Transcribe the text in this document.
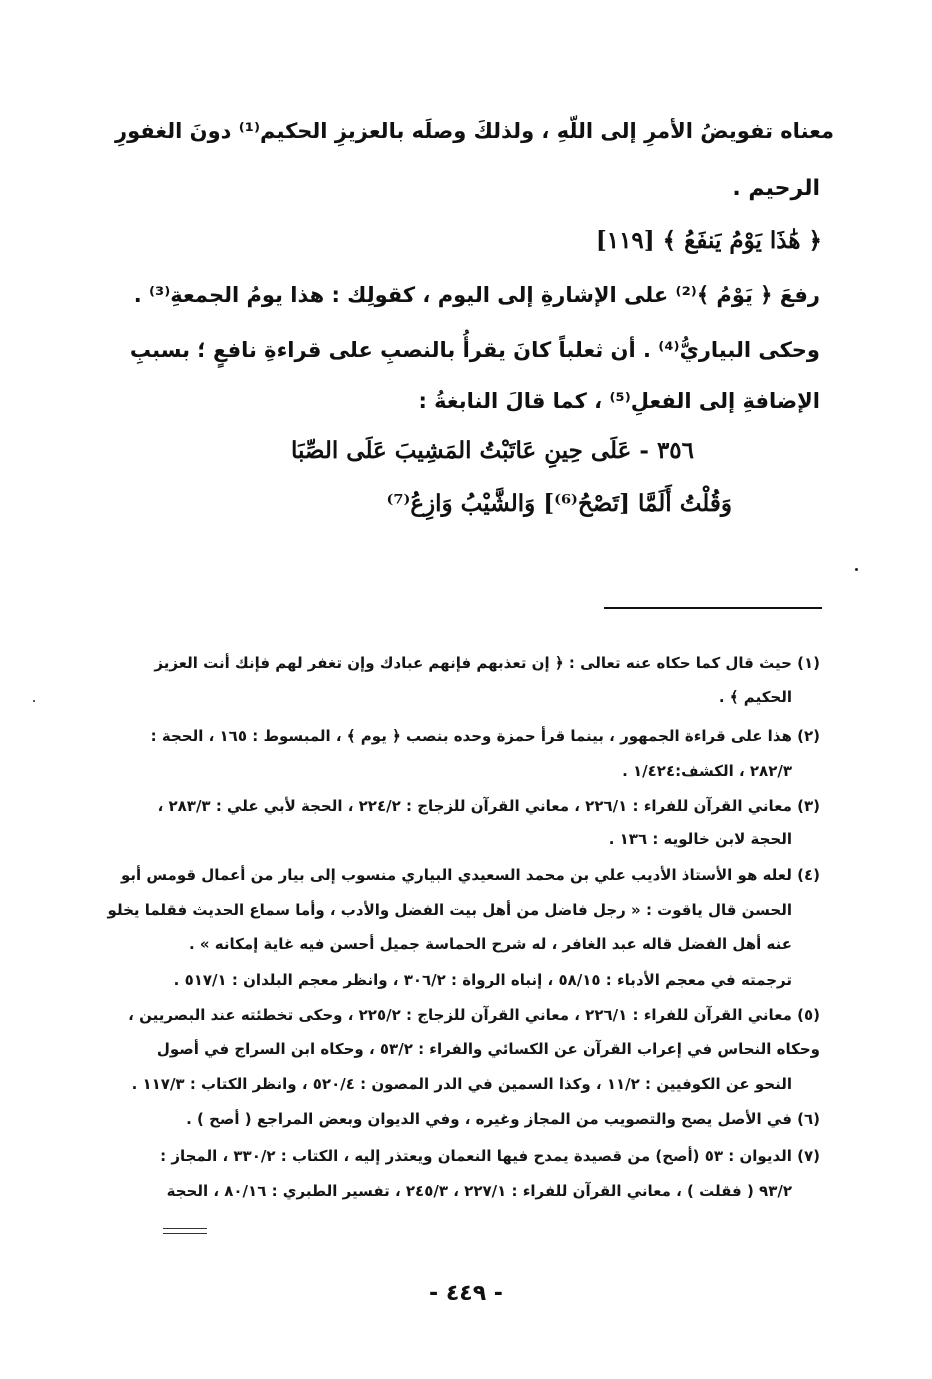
معناه تفويضُ الأمرِ إلى اللّهِ ، ولذلكَ وصلَه بالعزيزِ الحكيم⁽¹⁾ دونَ الغفورِ
الرحيم .
﴿ هَٰذَا يَوْمُ يَنفَعُ ﴾ [١١٩]
رفعَ ﴿ يَوْمُ ﴾⁽²⁾ على الإشارةِ إلى اليوم ، كقولِك : هذا يومُ الجمعةِ⁽³⁾ .
وحكى البياريُّ⁽⁴⁾ . أن ثعلباً كانَ يقرأُ بالنصبِ على قراءةِ نافعٍ ؛ بسببِ
الإضافةِ إلى الفعلِ⁽⁵⁾ ، كما قالَ النابغةُ :
٣٥٦ - عَلَى حِينِ عَاتَبْتُ المَشِيبَ عَلَى الصِّبَا
وَقُلْتُ أَلَمَّا [تَصْحُ⁽⁶⁾] وَالشَّيْبُ وَازِعُ⁽⁷⁾
(١) حيث قال كما حكاه عنه تعالى : ﴿ إن تعذبهم فإنهم عبادك وإن تغفر لهم فإنك أنت العزيز
الحكيم ﴾ .
(٢) هذا على قراءة الجمهور ، بينما قرأ حمزة وحده بنصب ﴿ يوم ﴾ ، المبسوط : ١٦٥ ، الحجة :
٢٨٢/٣ ، الكشف:١/٤٢٤ .
(٣) معاني القرآن للفراء : ٢٢٦/١ ، معاني القرآن للزجاج : ٢٢٤/٢ ، الحجة لأبي علي : ٢٨٣/٣ ،
الحجة لابن خالويه : ١٣٦ .
(٤) لعله هو الأستاذ الأديب علي بن محمد السعيدي البياري منسوب إلى بيار من أعمال قومس أبو
الحسن قال ياقوت : « رجل فاضل من أهل بيت الفضل والأدب ، وأما سماع الحديث فقلما يخلو
عنه أهل الفضل قاله عبد الغافر ، له شرح الحماسة جميل أحسن فيه غاية إمكانه » .
ترجمته في معجم الأدباء : ٥٨/١٥ ، إنباه الرواة : ٣٠٦/٢ ، وانظر معجم البلدان : ٥١٧/١ .
(٥) معاني القرآن للفراء : ٢٢٦/١ ، معاني القرآن للزجاج : ٢٢٥/٢ ، وحكى تخطئته عند البصريين ،
وحكاه النحاس في إعراب القرآن عن الكسائي والفراء : ٥٣/٢ ، وحكاه ابن السراج في أصول
النحو عن الكوفيين : ١١/٢ ، وكذا السمين في الدر المصون : ٥٢٠/٤ ، وانظر الكتاب : ١١٧/٣ .
(٦) في الأصل يصح والتصويب من المجاز وغيره ، وفي الديوان وبعض المراجع ( أصح ) .
(٧) الديوان : ٥٣ (أصح) من قصيدة يمدح فيها النعمان ويعتذر إليه ، الكتاب : ٣٣٠/٢ ، المجاز :
٩٣/٢ ( فقلت ) ، معاني القرآن للفراء : ٢٢٧/١ ، ٢٤٥/٣ ، تفسير الطبري : ٨٠/١٦ ، الحجة
- ٤٤٩ -
